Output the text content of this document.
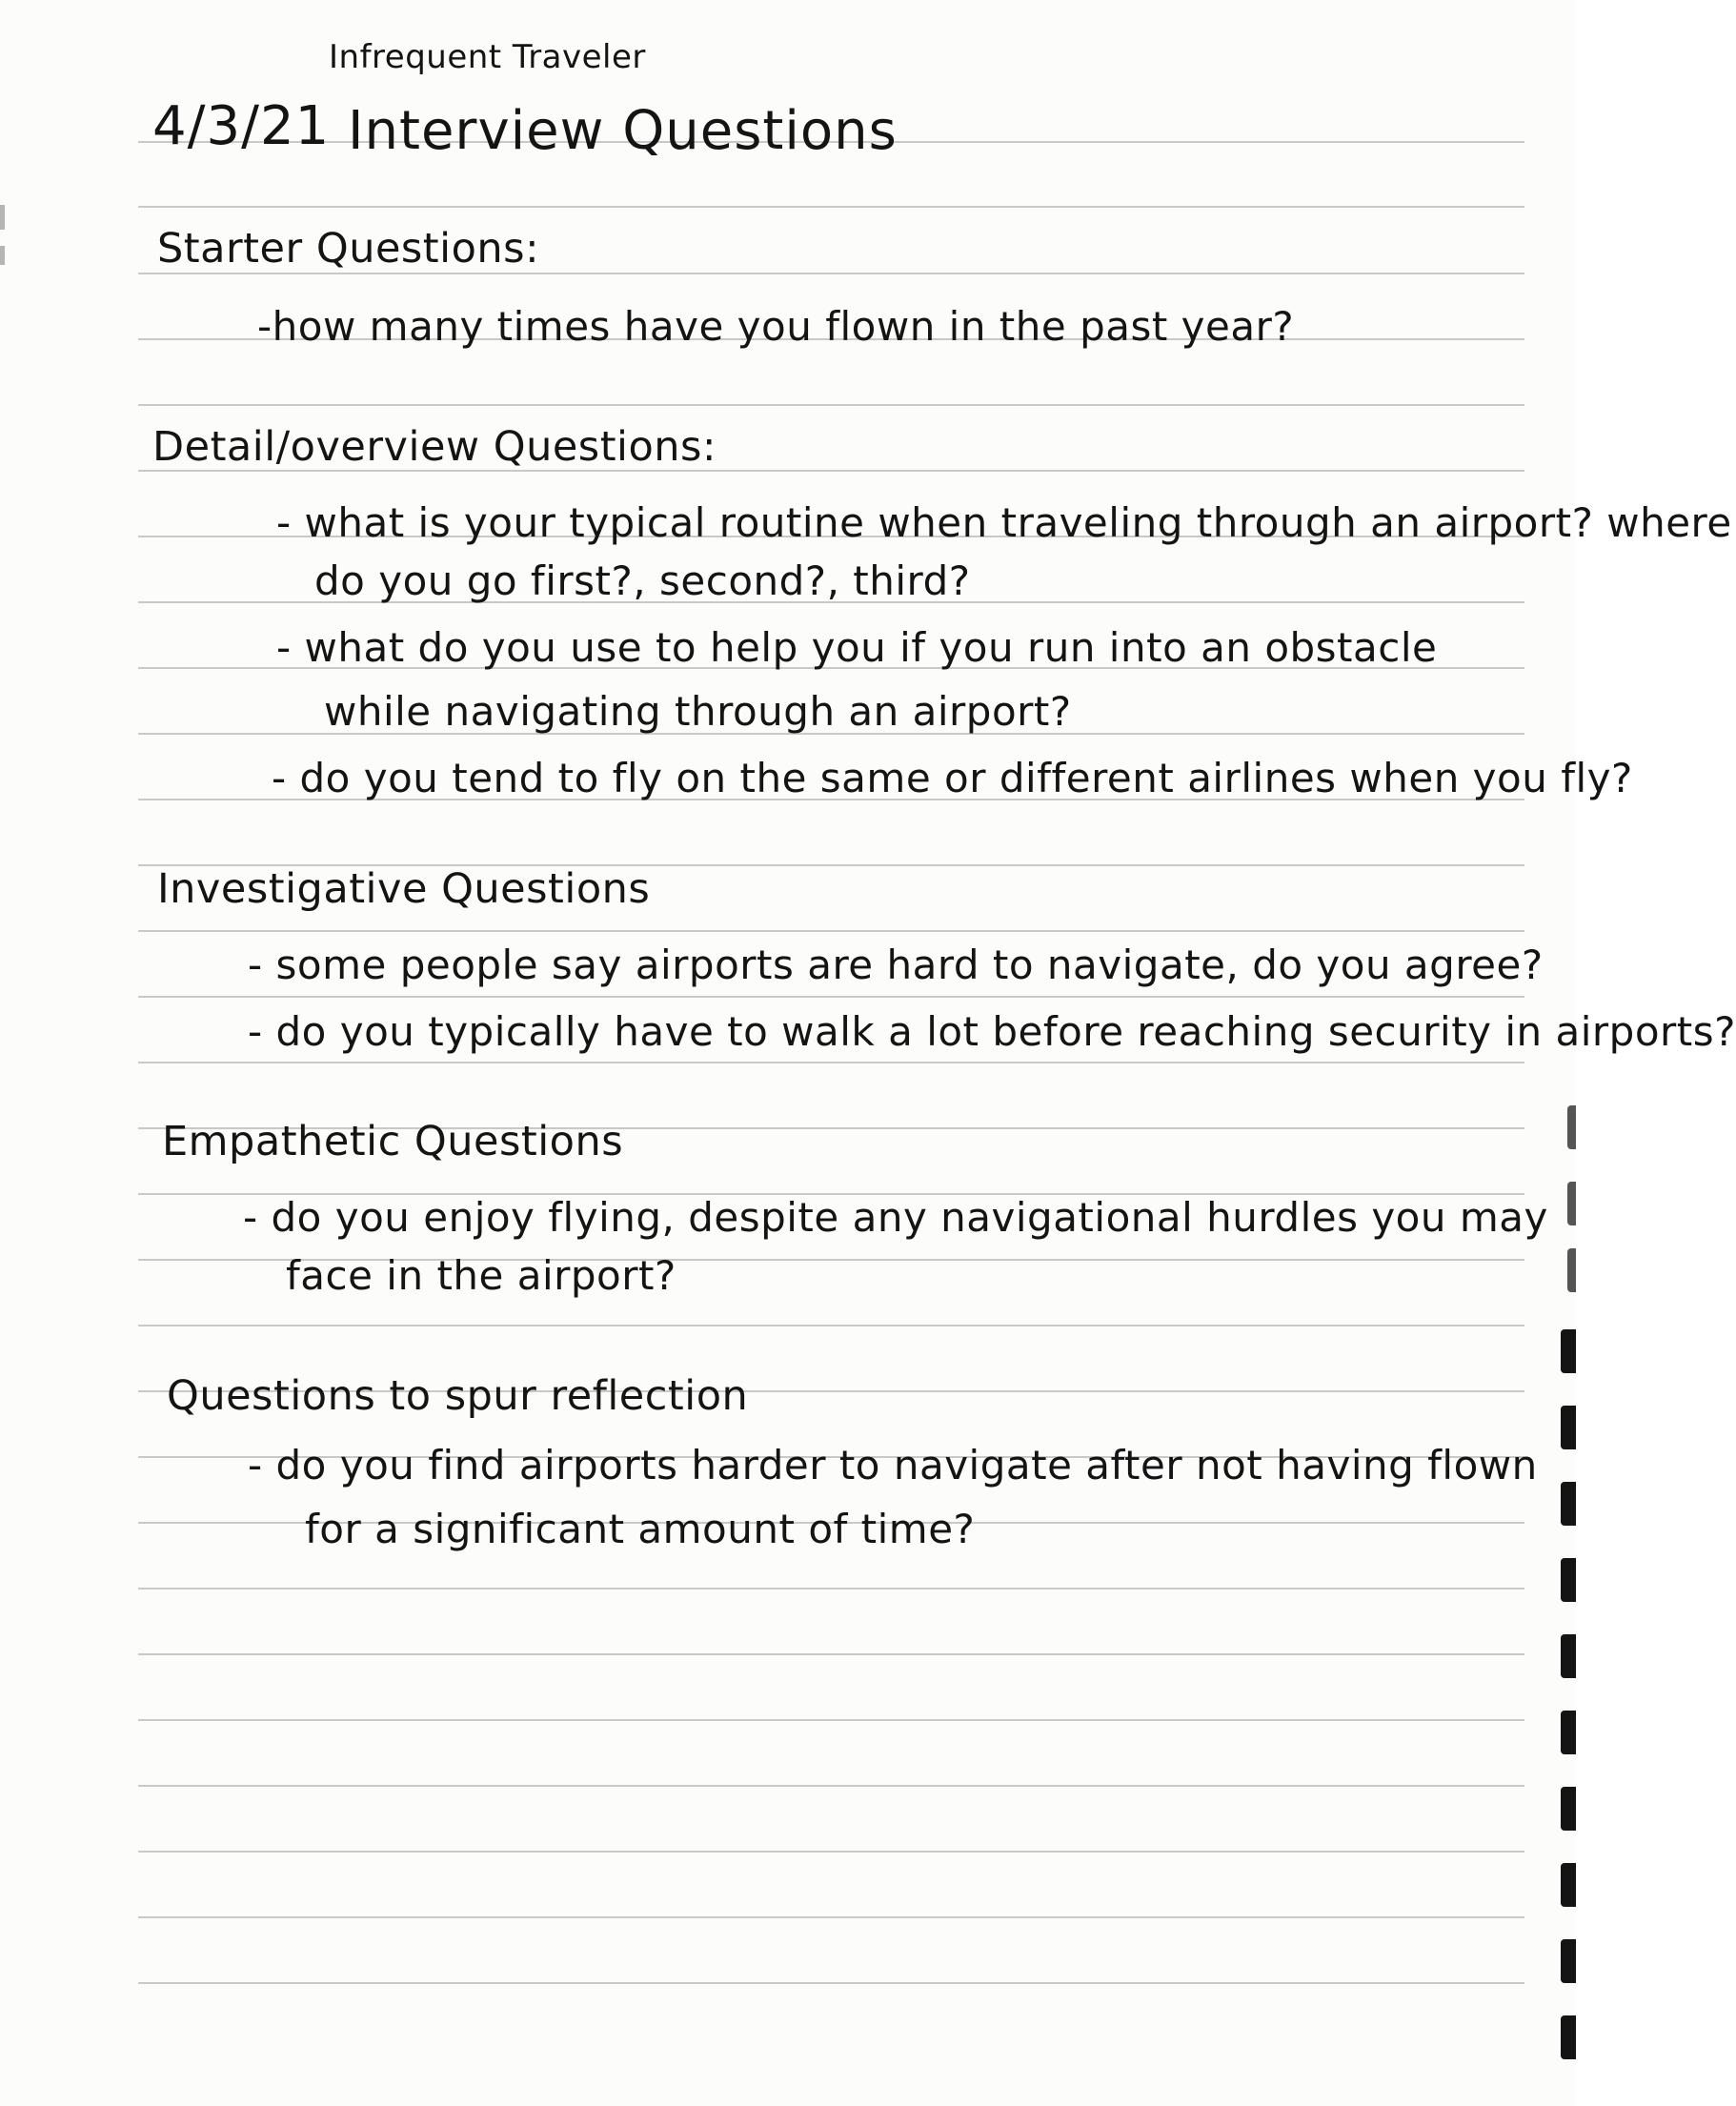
Infrequent Traveler
4/3/21 Interview Questions
Starter Questions:
-how many times have you flown in the past year?
Detail/overview Questions:
- what is your typical routine when traveling through an airport? where
do you go first?, second?, third?
- what do you use to help you if you run into an obstacle
while navigating through an airport?
- do you tend to fly on the same or different airlines when you fly?
Investigative Questions
- some people say airports are hard to navigate, do you agree?
- do you typically have to walk a lot before reaching security in airports?
Empathetic Questions
- do you enjoy flying, despite any navigational hurdles you may
face in the airport?
Questions to spur reflection
- do you find airports harder to navigate after not having flown
for a significant amount of time?
